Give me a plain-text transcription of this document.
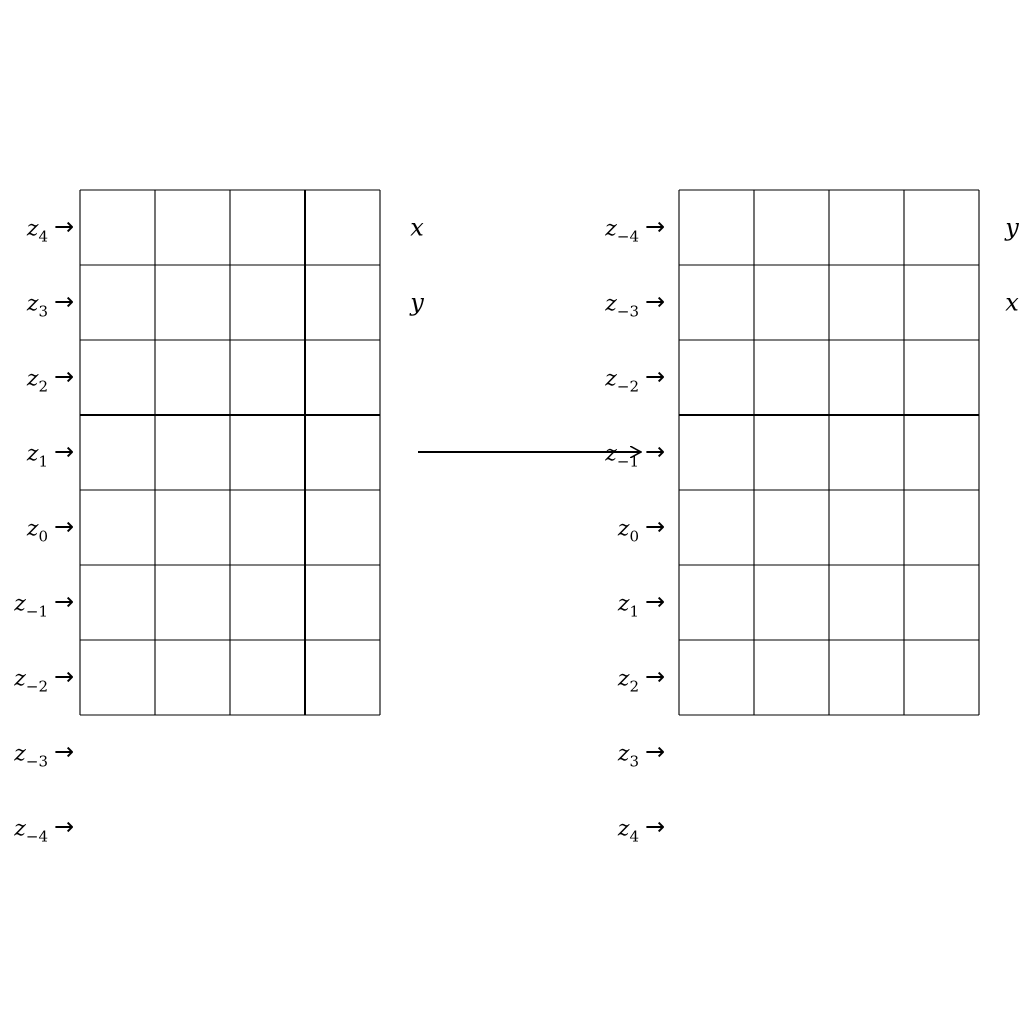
$z_4$ →
$z_3$ →
$z_2$ →
$z_1$ →
$z_0$ →
$z_{-1}$ →
$z_{-2}$ →
$z_{-3}$ →
$z_{-4}$ →
x
y
$z_{-4}$ →
$z_{-3}$ →
$z_{-2}$ →
$z_{-1}$ →
$z_0$ →
$z_1$ →
$z_2$ →
$z_3$ →
$z_4$ →
y
x
